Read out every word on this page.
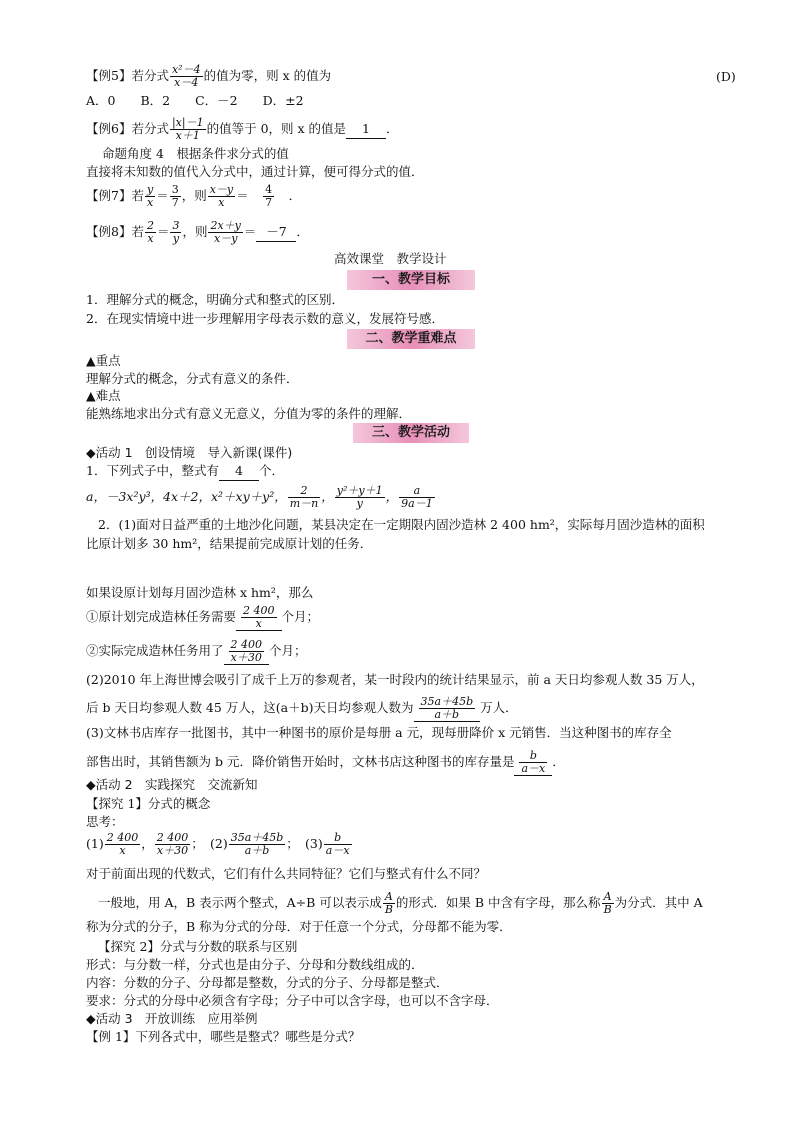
【例5】若分式 $\frac{\text{x²－4}}{x-4}$ 的值为零，则 x 的值为	(D)
A．0　　B．2　　C．－2　　D．±2
【例6】若分式 $\frac{|x|-1}{x+1}$ 的值等于 0，则 x 的值是 1 ．
命题角度 4　根据条件求分式的值
直接将未知数的值代入分式中，通过计算，便可得分式的值．
【例7】若 $\frac{y}{x} = \frac{3}{7}$ ，则 $\frac{x-y}{x} = \frac{4}{7}$ ．
【例8】若 $\frac{2}{x} = \frac{3}{y}$ ，则 $\frac{2x+y}{x-y} = -7$ ．
高效课堂　教学设计
一、教学目标
1．理解分式的概念，明确分式和整式的区别．
2．在现实情境中进一步理解用字母表示数的意义，发展符号感．
二、教学重难点
▲重点
理解分式的概念，分式有意义的条件．
▲难点
能熟练地求出分式有意义无意义，分值为零的条件的理解．
三、教学活动
◆活动 1　创设情境　导入新课(课件)
1．下列式子中，整式有 4 个．
a，－3x²y³，4x＋2，x²＋xy＋y²， $\frac{2}{m-n}$ ， $\frac{\text{y²＋y＋1}}{y}$ ， $\frac{a}{9a-1}$
2．(1)面对日益严重的土地沙化问题，某县决定在一定期限内固沙造林 2 400 hm²，实际每月固沙造林的面积
比原计划多 30 hm²，结果提前完成原计划的任务．
如果设原计划每月固沙造林 x hm²，那么
①原计划完成造林任务需要 $\frac{2 400}{x}$ 个月；
②实际完成造林任务用了 $\frac{2 400}{x+30}$ 个月；
(2)2010 年上海世博会吸引了成千上万的参观者，某一时段内的统计结果显示，前 a 天日均参观人数 35 万人，
后 b 天日均参观人数 45 万人，这(a＋b)天日均参观人数为 $\frac{35a+45b}{a+b}$ 万人．
(3)文林书店库存一批图书，其中一种图书的原价是每册 a 元，现每册降价 x 元销售．当这种图书的库存全
部售出时，其销售额为 b 元．降价销售开始时，文林书店这种图书的库存量是 $\frac{b}{a-x}$ ．
◆活动 2　实践探究　交流新知
【探究 1】分式的概念
思考：
$(1) \frac{2 400}{x}$ ， $\frac{2 400}{x+30}$ ；　$(2) \frac{35a+45b}{a+b}$ ；　$(3) \frac{b}{a-x}$
对于前面出现的代数式，它们有什么共同特征？它们与整式有什么不同？
一般地，用 A，B 表示两个整式，A÷B 可以表示成 $\frac{A}{B}$ 的形式．如果 B 中含有字母，那么称 $\frac{A}{B}$ 为分式．其中 A
称为分式的分子，B 称为分式的分母．对于任意一个分式，分母都不能为零．
【探究 2】分式与分数的联系与区别
形式：与分数一样，分式也是由分子、分母和分数线组成的．
内容：分数的分子、分母都是整数，分式的分子、分母都是整式．
要求：分式的分母中必须含有字母；分子中可以含字母，也可以不含字母．
◆活动 3　开放训练　应用举例
【例 1】下列各式中，哪些是整式？哪些是分式？
